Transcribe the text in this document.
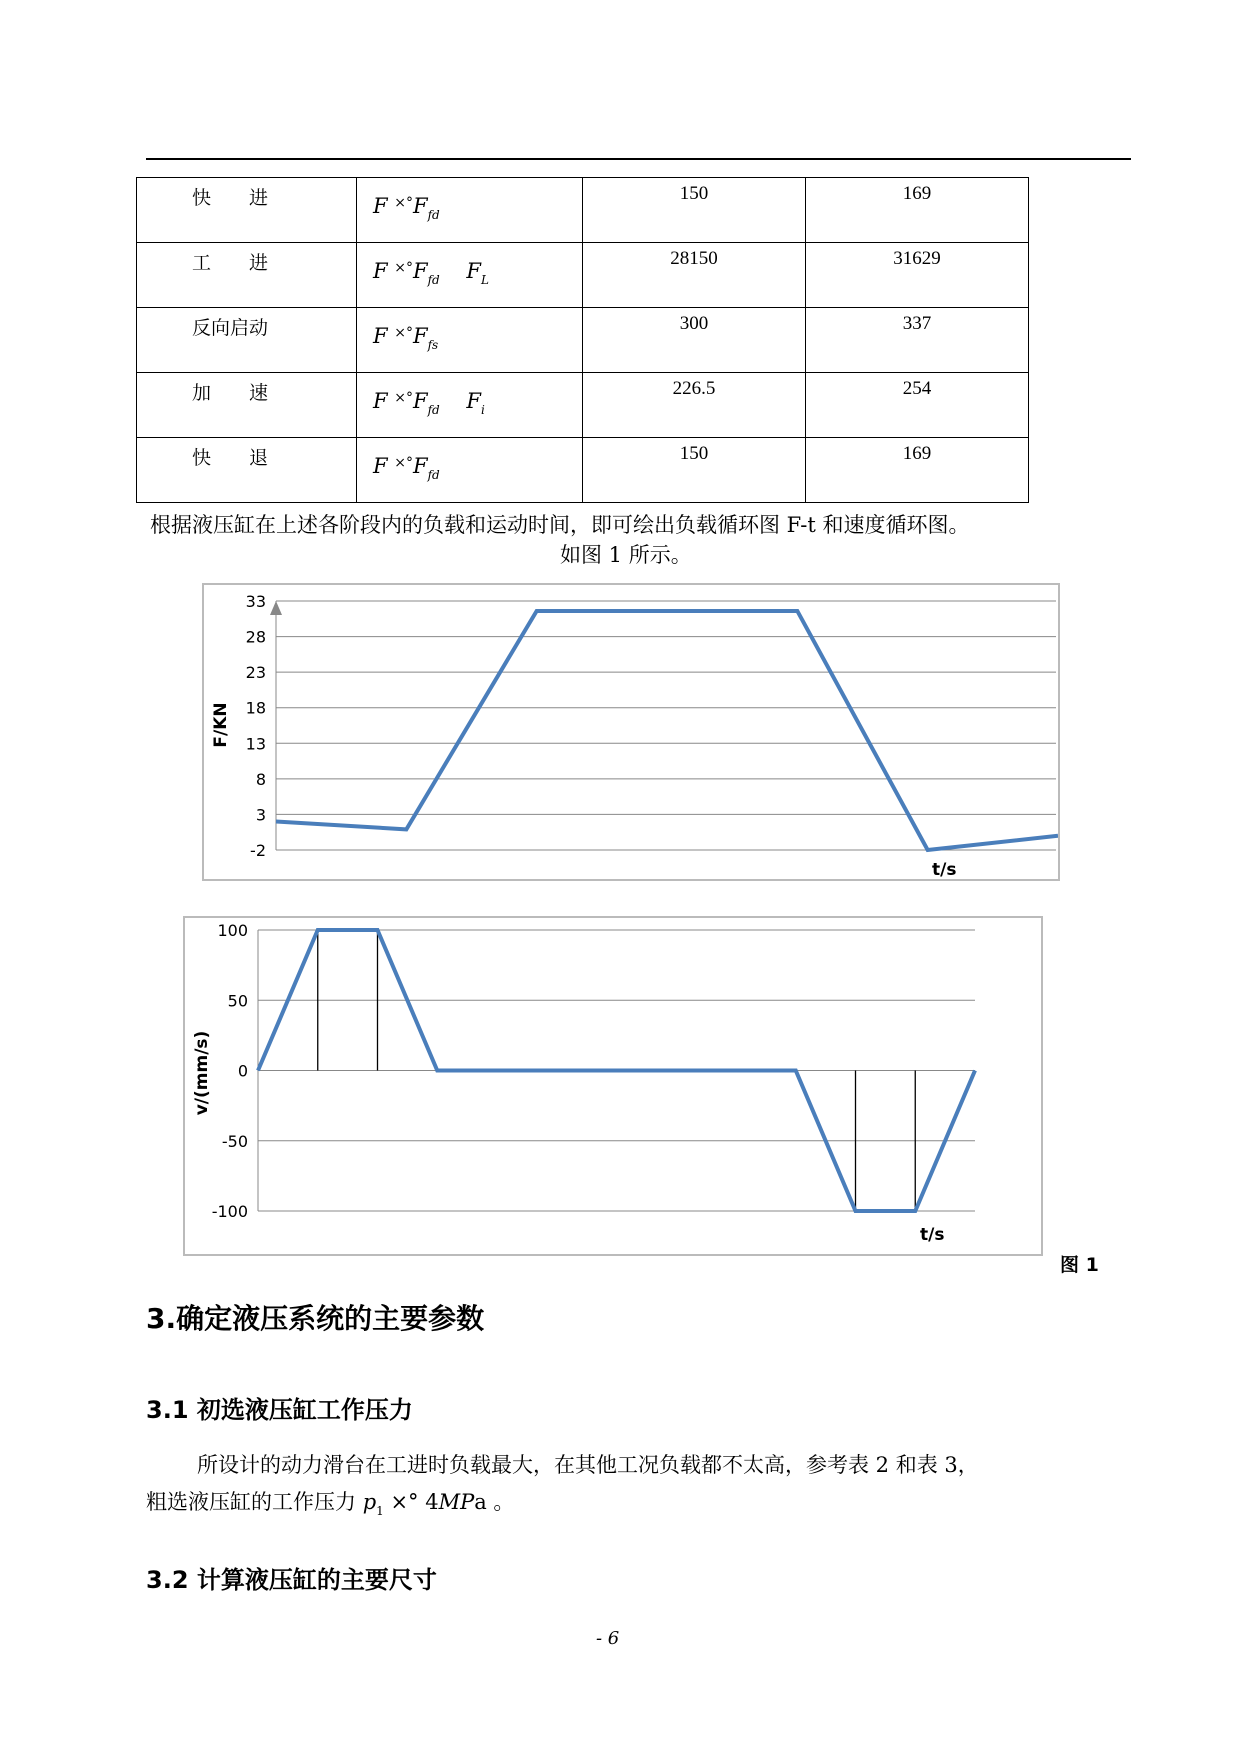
快　　进	F $^{\times^\circ}F_{fd}$	150	169
工　　进	F $^{\times^\circ}F_{fd}$    $F_L$	28150	31629
反向启动	F $^{\times^\circ}F_{fs}$	300	337
加　　速	F $^{\times^\circ}F_{fd}$    $F_i$	226.5	254
快　　退	F $^{\times^\circ}F_{fd}$	150	169
根据液压缸在上述各阶段内的负载和运动时间，即可绘出负载循环图 F-t 和速度循环图。
如图 1 所示。
33
28
23
18
13
8
3
-2
t/s
F/KN
100
50
0
-50
-100
t/s
v/(mm/s)
图 1
3.确定液压系统的主要参数
3.1 初选液压缸工作压力
所设计的动力滑台在工进时负载最大，在其他工况负载都不太高，参考表 2 和表 3，
粗选液压缸的工作压力 $p_1$ ×° 4MPa 。
3.2 计算液压缸的主要尺寸
- 6
